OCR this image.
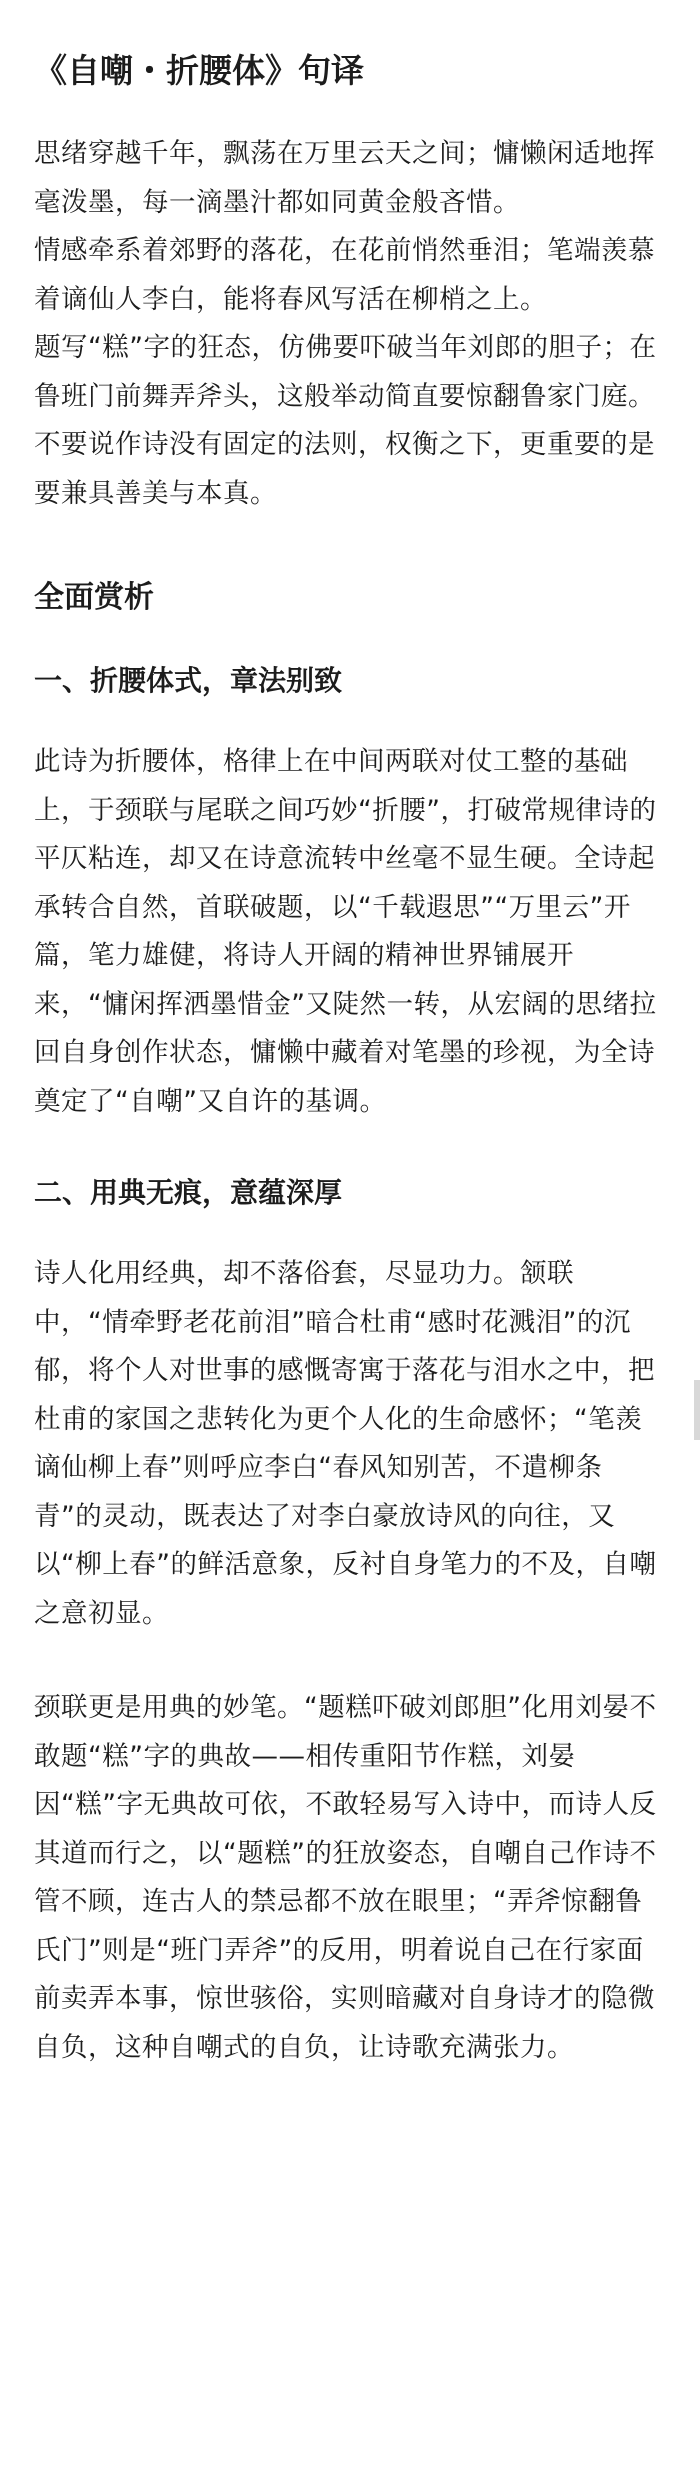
《自嘲・折腰体》句译

思绪穿越千年，飘荡在万里云天之间；慵懒闲适地挥毫泼墨，每一滴墨汁都如同黄金般吝惜。

情感牵系着郊野的落花，在花前悄然垂泪；笔端羡慕着谪仙人李白，能将春风写活在柳梢之上。

题写“糕”字的狂态，仿佛要吓破当年刘郎的胆子；在鲁班门前舞弄斧头，这般举动简直要惊翻鲁家门庭。

不要说作诗没有固定的法则，权衡之下，更重要的是要兼具善美与本真。

全面赏析
一、折腰体式，章法别致

此诗为折腰体，格律上在中间两联对仗工整的基础上，于颈联与尾联之间巧妙“折腰”，打破常规律诗的平仄粘连，却又在诗意流转中丝毫不显生硬。全诗起承转合自然，首联破题，以“千载遐思”“万里云”开篇，笔力雄健，将诗人开阔的精神世界铺展开来，“慵闲挥洒墨惜金”又陡然一转，从宏阔的思绪拉回自身创作状态，慵懒中藏着对笔墨的珍视，为全诗奠定了“自嘲”又自许的基调。

二、用典无痕，意蕴深厚

诗人化用经典，却不落俗套，尽显功力。颔联中，“情牵野老花前泪”暗合杜甫“感时花溅泪”的沉郁，将个人对世事的感慨寄寓于落花与泪水之中，把杜甫的家国之悲转化为更个人化的生命感怀；“笔羡谪仙柳上春”则呼应李白“春风知别苦，不遣柳条青”的灵动，既表达了对李白豪放诗风的向往，又以“柳上春”的鲜活意象，反衬自身笔力的不及，自嘲之意初显。

颈联更是用典的妙笔。“题糕吓破刘郎胆”化用刘晏不敢题“糕”字的典故——相传重阳节作糕，刘晏因“糕”字无典故可依，不敢轻易写入诗中，而诗人反其道而行之，以“题糕”的狂放姿态，自嘲自己作诗不管不顾，连古人的禁忌都不放在眼里；“弄斧惊翻鲁氏门”则是“班门弄斧”的反用，明着说自己在行家面前卖弄本事，惊世骇俗，实则暗藏对自身诗才的隐微自负，这种自嘲式的自负，让诗歌充满张力。
